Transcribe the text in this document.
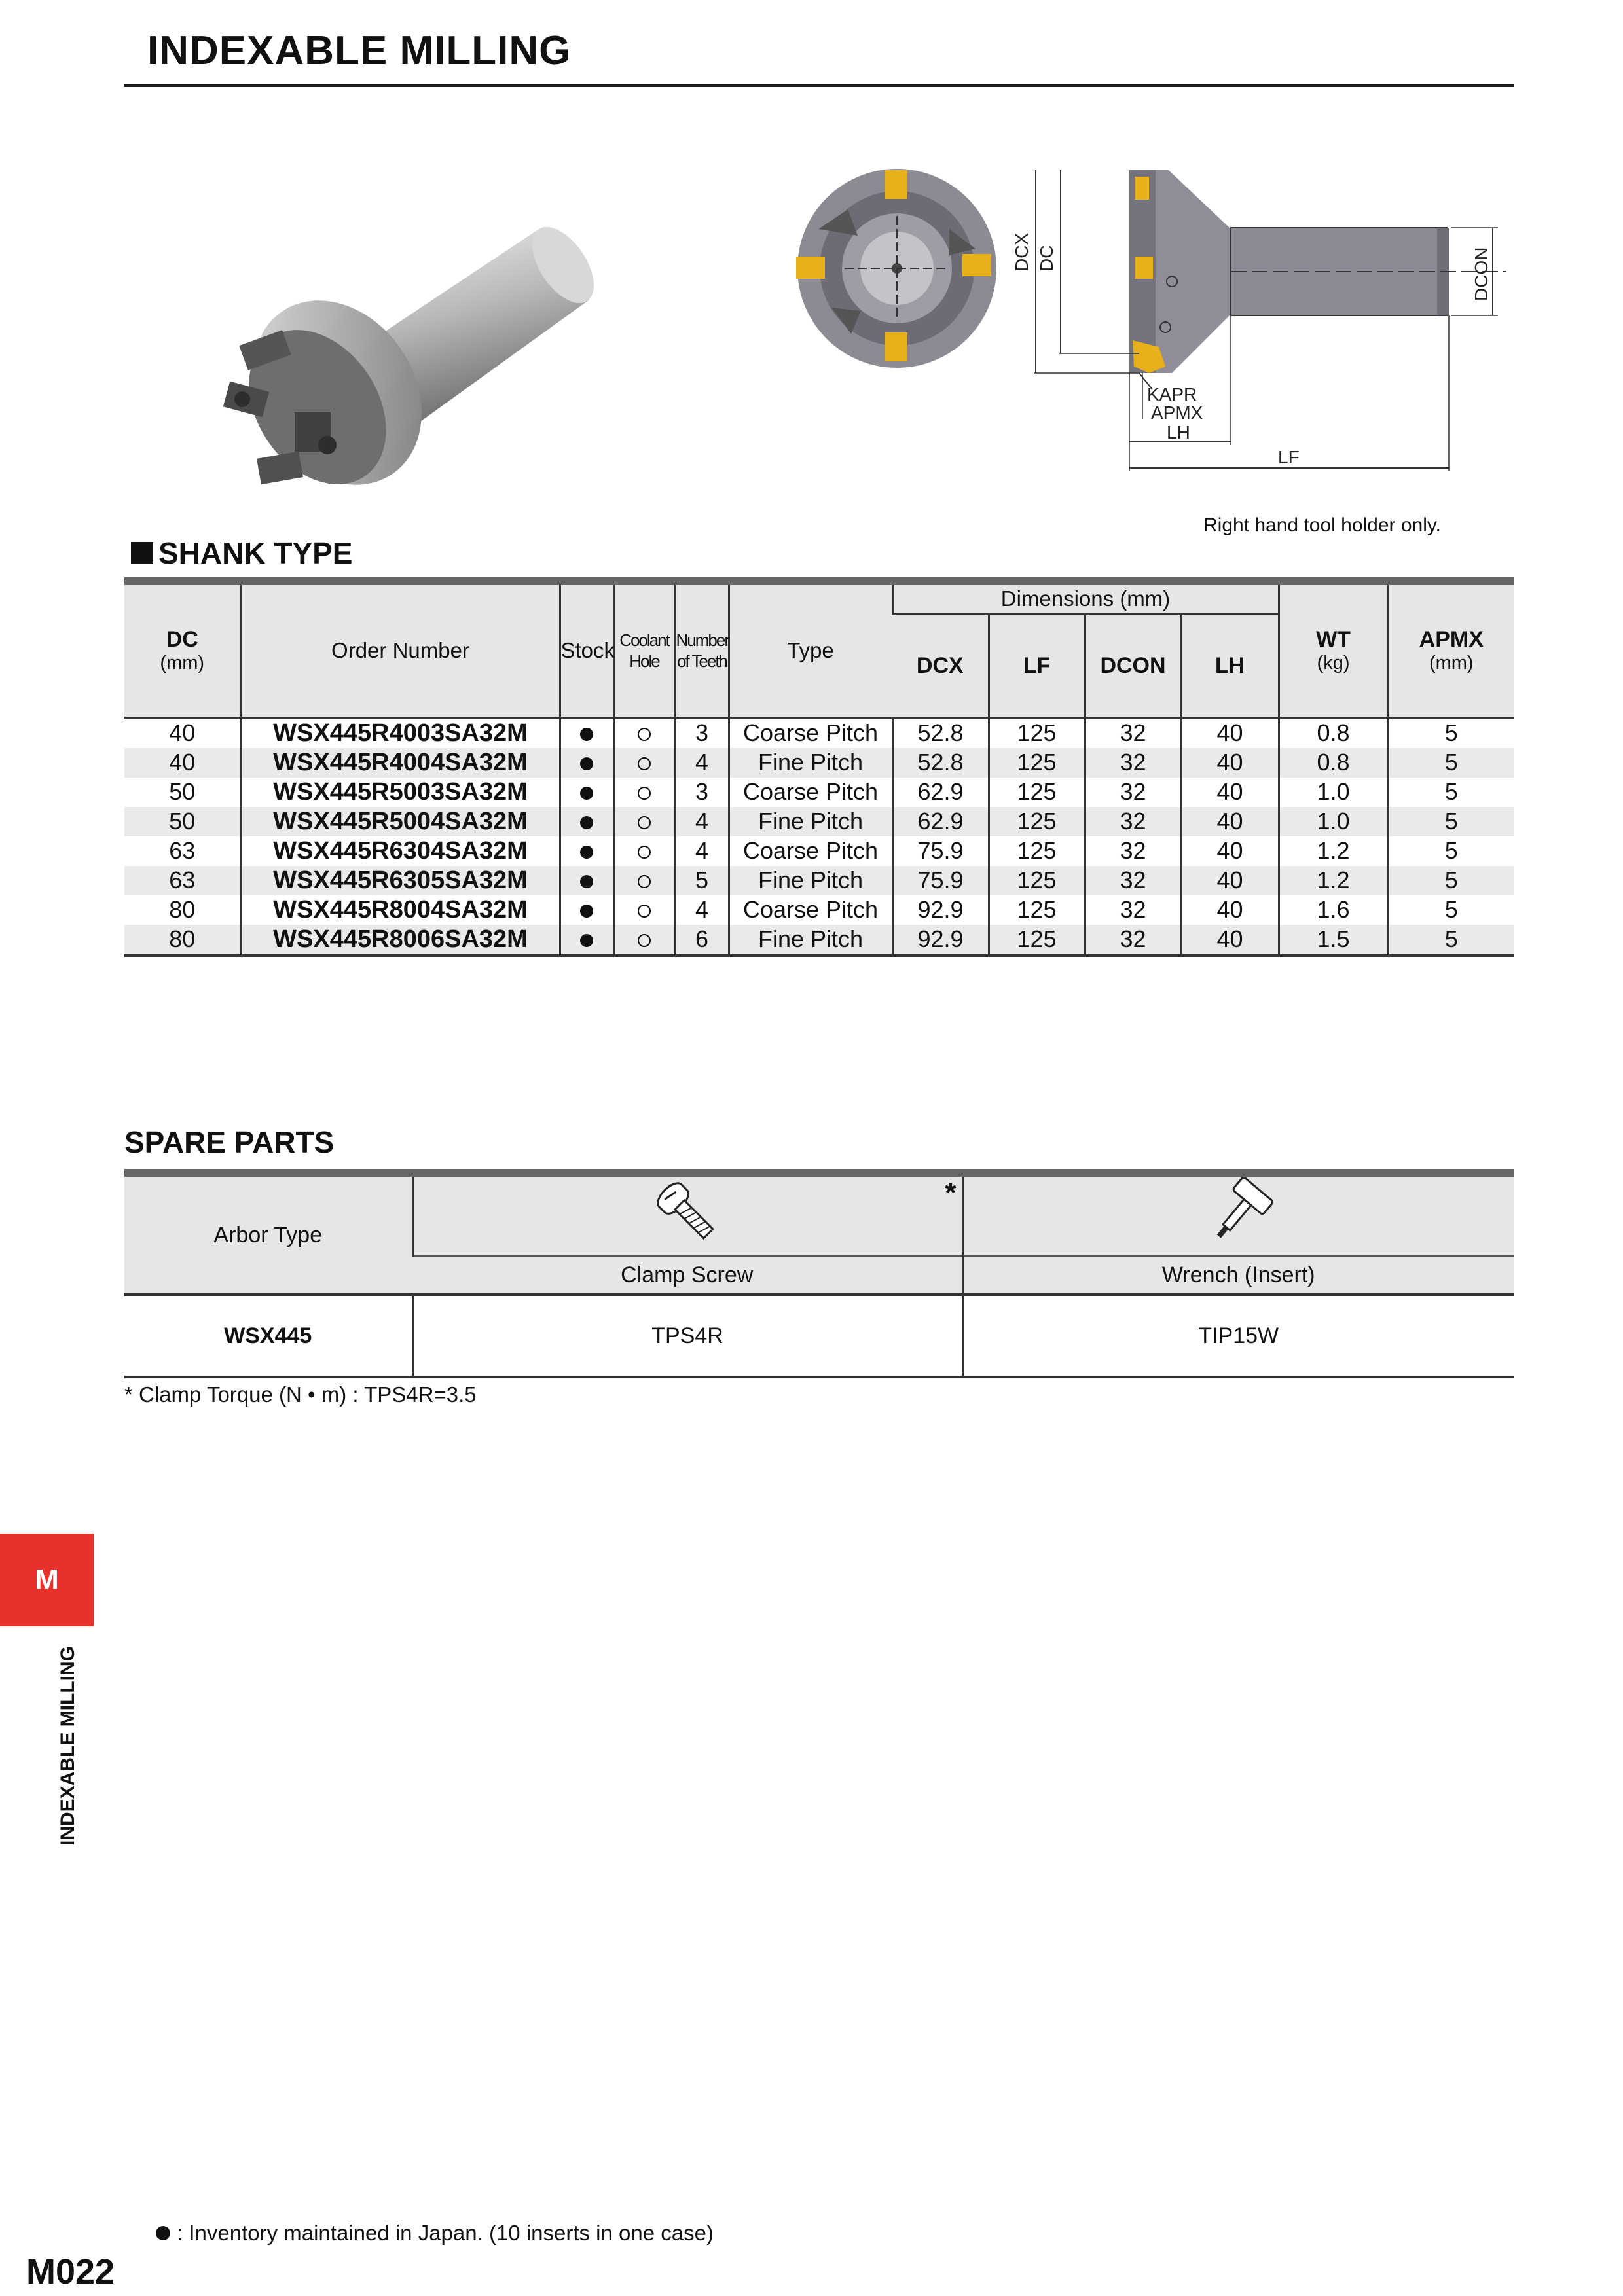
INDEXABLE MILLING
DCX DC	DCON
KAPR
APMX
LH
LF
Right hand tool holder only.
SHANK TYPE
DC
(mm)	Order Number	Stock	Coolant
Hole	Number
of Teeth	Type	Dimensions (mm)				WT
(kg)	APMX
(mm)

						DCX	LF	DCON	LH		
40	WSX445R4003SA32M			3	Coarse Pitch	52.8	125	32	40	0.8	5
40	WSX445R4004SA32M			4	Fine Pitch	52.8	125	32	40	0.8	5
50	WSX445R5003SA32M			3	Coarse Pitch	62.9	125	32	40	1.0	5
50	WSX445R5004SA32M			4	Fine Pitch	62.9	125	32	40	1.0	5
63	WSX445R6304SA32M			4	Coarse Pitch	75.9	125	32	40	1.2	5
63	WSX445R6305SA32M			5	Fine Pitch	75.9	125	32	40	1.2	5
80	WSX445R8004SA32M			4	Coarse Pitch	92.9	125	32	40	1.6	5
80	WSX445R8006SA32M			6	Fine Pitch	92.9	125	32	40	1.5	5
SPARE PARTS
Arbor Type	*

	Clamp Screw	Wrench (Insert)
WSX445	TPS4R	TIP15W
* Clamp Torque (N • m) : TPS4R=3.5
M
INDEXABLE MILLING
: Inventory maintained in Japan. (10 inserts in one case)
M022
